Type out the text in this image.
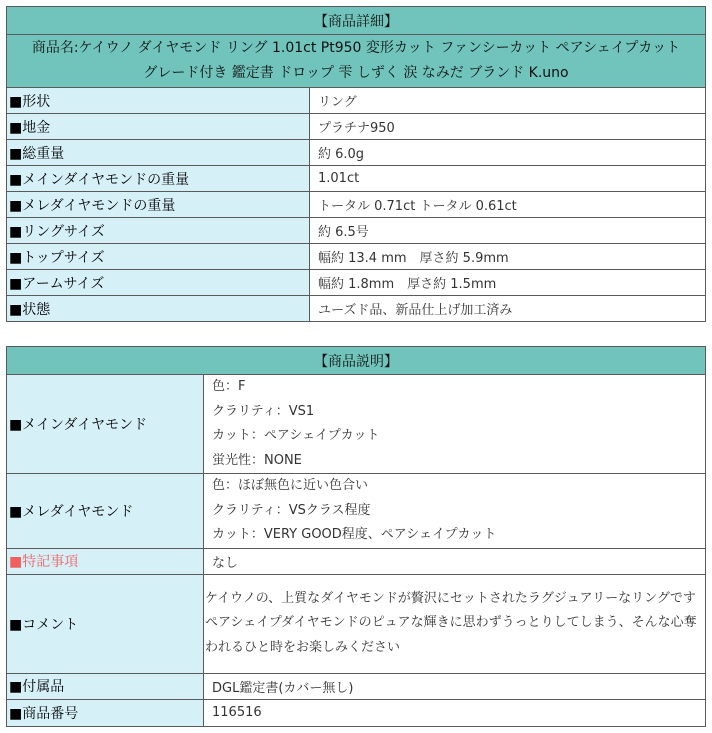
【商品詳細】	

商品名:ケイウノ ダイヤモンド リング 1.01ct Pt950 変形カット ファンシーカット ペアシェイプカット
グレード付き 鑑定書 ドロップ 雫 しずく 涙 なみだ ブランド K.uno	

■形状	リング
■地金	プラチナ950
■総重量	約 6.0g
■メインダイヤモンドの重量	1.01ct
■メレダイヤモンドの重量	トータル 0.71ct トータル 0.61ct
■リングサイズ	約 6.5号
■トップサイズ	幅約 13.4 mm　厚さ約 5.9mm
■アームサイズ	幅約 1.8mm　厚さ約 1.5mm
■状態	ユーズド品、新品仕上げ加工済み
【商品説明】	
■メインダイヤモンド	色：F
クラリティ：VS1
カット：ペアシェイプカット
蛍光性：NONE

■メレダイヤモンド	色：ほぼ無色に近い色合い
クラリティ：VSクラス程度
カット：VERY GOOD程度、ペアシェイプカット

■特記事項	なし
■コメント	ケイウノの、上質なダイヤモンドが贅沢にセットされたラグジュアリーなリングです
ペアシェイプダイヤモンドのピュアな輝きに思わずうっとりしてしまう、そんな心奪われるひと時をお楽しみください

■付属品	DGL鑑定書(カバー無し)
■商品番号	116516
